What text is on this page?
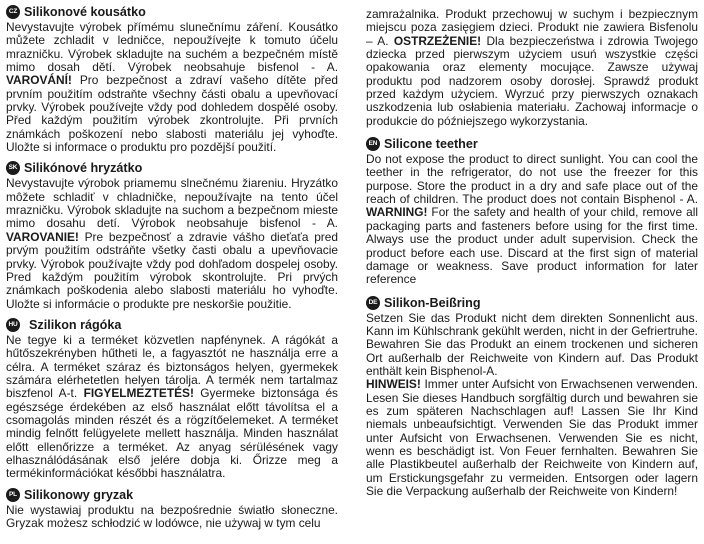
CZ Silikonové kousátko

Nevystavujte výrobek přímému slunečnímu záření. Kousátko můžete zchladit v ledničce, nepoužívejte k tomuto účelu mrazničku. Výrobek skladujte na suchém a bezpečném místě mimo dosah dětí. Výrobek neobsahuje bisfenol - A. VAROVÁNÍ! Pro bezpečnost a zdraví vašeho dítěte před prvním použitím odstraňte všechny části obalu a upevňovací prvky. Výrobek používejte vždy pod dohledem dospělé osoby. Před každým použitím výrobek zkontrolujte. Při prvních známkách poškození nebo slabosti materiálu jej vyhoďte. Uložte si informace o produktu pro pozdější použití.

SK Silikónové hryzátko

Nevystavujte výrobok priamemu slnečnému žiareniu. Hryzátko môžete schladiť v chladničke, nepoužívajte na tento účel mrazničku. Výrobok skladujte na suchom a bezpečnom mieste mimo dosahu detí. Výrobok neobsahuje bisfenol - A. VAROVANIE! Pre bezpečnosť a zdravie vášho dieťaťa pred prvým použitím odstráňte všetky časti obalu a upevňovacie prvky. Výrobok používajte vždy pod dohľadom dospelej osoby. Pred každým použitím výrobok skontrolujte. Pri prvých známkach poškodenia alebo slabosti materiálu ho vyhoďte. Uložte si informácie o produkte pre neskoršie použitie.

HU Szilikon rágóka

Ne tegye ki a terméket közvetlen napfénynek. A rágókát a hűtőszekrényben hűtheti le, a fagyasztót ne használja erre a célra. A terméket száraz és biztonságos helyen, gyermekek számára elérhetetlen helyen tárolja. A termék nem tartalmaz biszfenol A-t. FIGYELMEZTETÉS! Gyermeke biztonsága és egészsége érdekében az első használat előtt távolítsa el a csomagolás minden részét és a rögzítőelemeket. A terméket mindig felnőtt felügyelete mellett használja. Minden használat előtt ellenőrizze a terméket. Az anyag sérülésének vagy elhasználódásának első jelére dobja ki. Őrizze meg a termékinformációkat későbbi használatra.

PL Silikonowy gryzak

Nie wystawiaj produktu na bezpośrednie światło słoneczne. Gryzak możesz schłodzić w lodówce, nie używaj w tym celu

zamrażalnika. Produkt przechowuj w suchym i bezpiecznym miejscu poza zasięgiem dzieci. Produkt nie zawiera Bisfenolu – A. OSTRZEŻENIE! Dla bezpieczeństwa i zdrowia Twojego dziecka przed pierwszym użyciem usuń wszystkie części opakowania oraz elementy mocujące. Zawsze używaj produktu pod nadzorem osoby dorosłej. Sprawdź produkt przed każdym użyciem. Wyrzuć przy pierwszych oznakach uszkodzenia lub osłabienia materiału. Zachowaj informacje o produkcie do późniejszego wykorzystania.

EN Silicone teether

Do not expose the product to direct sunlight. You can cool the teether in the refrigerator, do not use the freezer for this purpose. Store the product in a dry and safe place out of the reach of children. The product does not contain Bisphenol - A. WARNING! For the safety and health of your child, remove all packaging parts and fasteners before using for the first time. Always use the product under adult supervision. Check the product before each use. Discard at the first sign of material damage or weakness. Save product information for later reference

DE Silikon-Beißring

Setzen Sie das Produkt nicht dem direkten Sonnenlicht aus. Kann im Kühlschrank gekühlt werden, nicht in der Gefriertruhe. Bewahren Sie das Produkt an einem trockenen und sicheren Ort außerhalb der Reichweite von Kindern auf. Das Produkt enthält kein Bisphenol-A.
HINWEIS! Immer unter Aufsicht von Erwachsenen verwenden. Lesen Sie dieses Handbuch sorgfältig durch und bewahren sie es zum späteren Nachschlagen auf! Lassen Sie Ihr Kind niemals unbeaufsichtigt. Verwenden Sie das Produkt immer unter Aufsicht von Erwachsenen. Verwenden Sie es nicht, wenn es beschädigt ist. Von Feuer fernhalten. Bewahren Sie alle Plastikbeutel außerhalb der Reichweite von Kindern auf, um Erstickungsgefahr zu vermeiden. Entsorgen oder lagern Sie die Verpackung außerhalb der Reichweite von Kindern!
